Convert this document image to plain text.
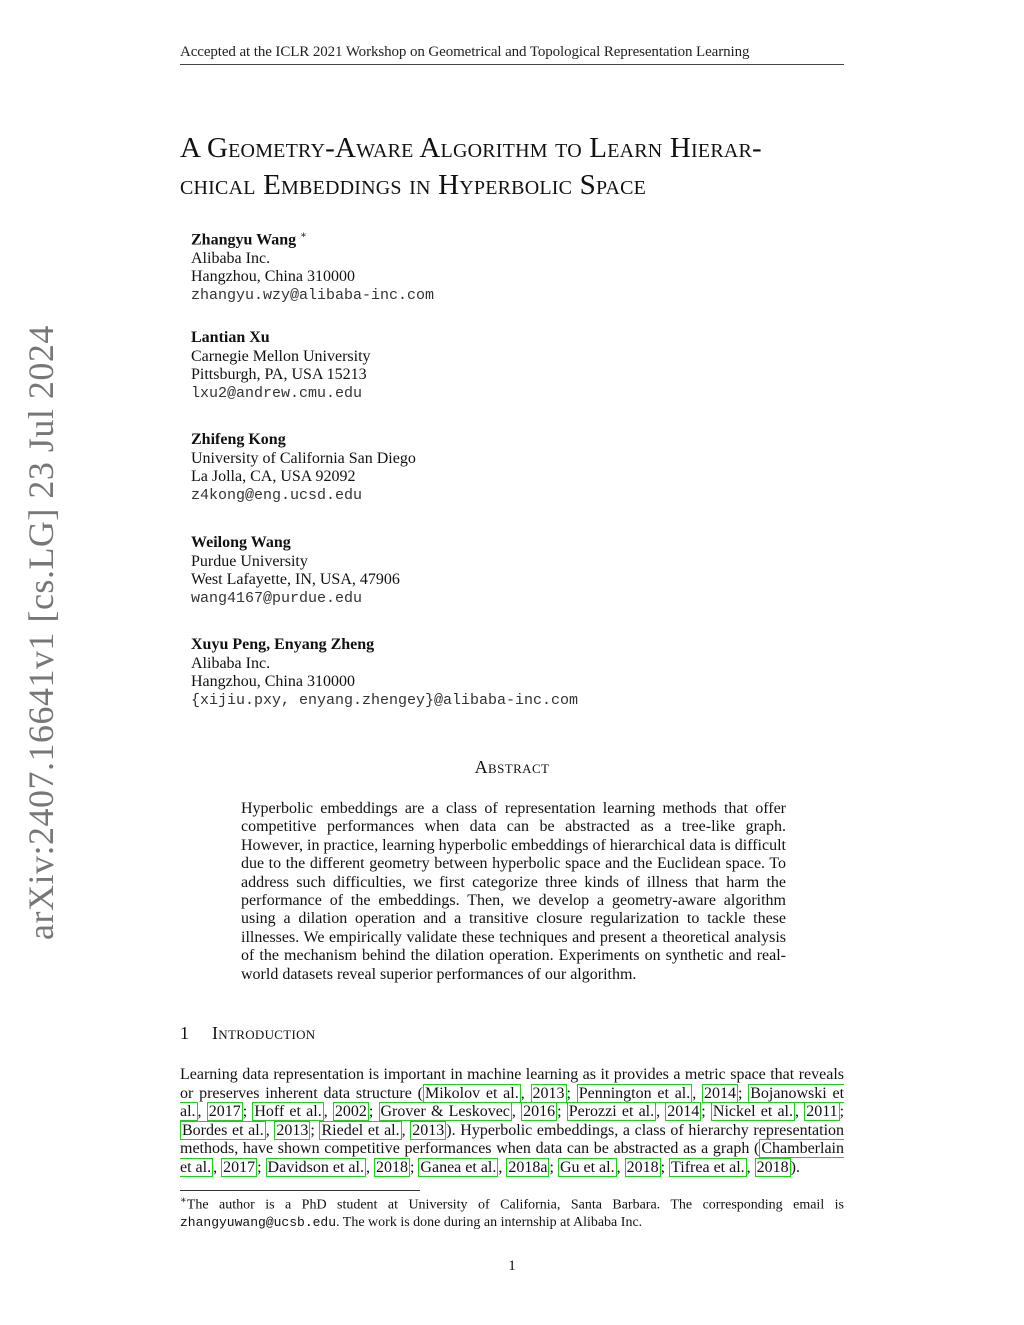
Accepted at the ICLR 2021 Workshop on Geometrical and Topological Representation Learning
A Geometry-Aware Algorithm to Learn Hierar-
chical Embeddings in Hyperbolic Space
arXiv:2407.16641v1 [cs.LG] 23 Jul 2024
Zhangyu Wang ∗
Alibaba Inc.
Hangzhou, China 310000
zhangyu.wzy@alibaba-inc.com
Lantian Xu
Carnegie Mellon University
Pittsburgh, PA, USA 15213
lxu2@andrew.cmu.edu
Zhifeng Kong
University of California San Diego
La Jolla, CA, USA 92092
z4kong@eng.ucsd.edu
Weilong Wang
Purdue University
West Lafayette, IN, USA, 47906
wang4167@purdue.edu
Xuyu Peng, Enyang Zheng
Alibaba Inc.
Hangzhou, China 310000
{xijiu.pxy, enyang.zhengey}@alibaba-inc.com
Abstract
Hyperbolic embeddings are a class of representation learning methods that offer competitive performances when data can be abstracted as a tree-like graph. However, in practice, learning hyperbolic embeddings of hierarchical data is difficult due to the different geometry between hyperbolic space and the Euclidean space. To address such difficulties, we first categorize three kinds of illness that harm the performance of the embeddings. Then, we develop a geometry-aware algorithm using a dilation operation and a transitive closure regularization to tackle these illnesses. We empirically validate these techniques and present a theoretical analysis of the mechanism behind the dilation operation. Experiments on synthetic and real-world datasets reveal superior performances of our algorithm.
1 Introduction
Learning data representation is important in machine learning as it provides a metric space that reveals or preserves inherent data structure ( Mikolov et al. , 2013 ; Pennington et al. , 2014 ; Bojanowski et al. , 2017 ; Hoff et al. , 2002 ; Grover & Leskovec , 2016 ; Perozzi et al. , 2014 ; Nickel et al. , 2011 ; Bordes et al. , 2013 ; Riedel et al. , 2013 ). Hyperbolic embeddings, a class of hierarchy representation methods, have shown competitive performances when data can be abstracted as a graph ( Chamberlain et al. , 2017 ; Davidson et al. , 2018 ; Ganea et al. , 2018a ; Gu et al. , 2018 ; Tifrea et al. , 2018 ).
∗The author is a PhD student at University of California, Santa Barbara. The corresponding email is zhangyuwang@ucsb.edu. The work is done during an internship at Alibaba Inc.
1
